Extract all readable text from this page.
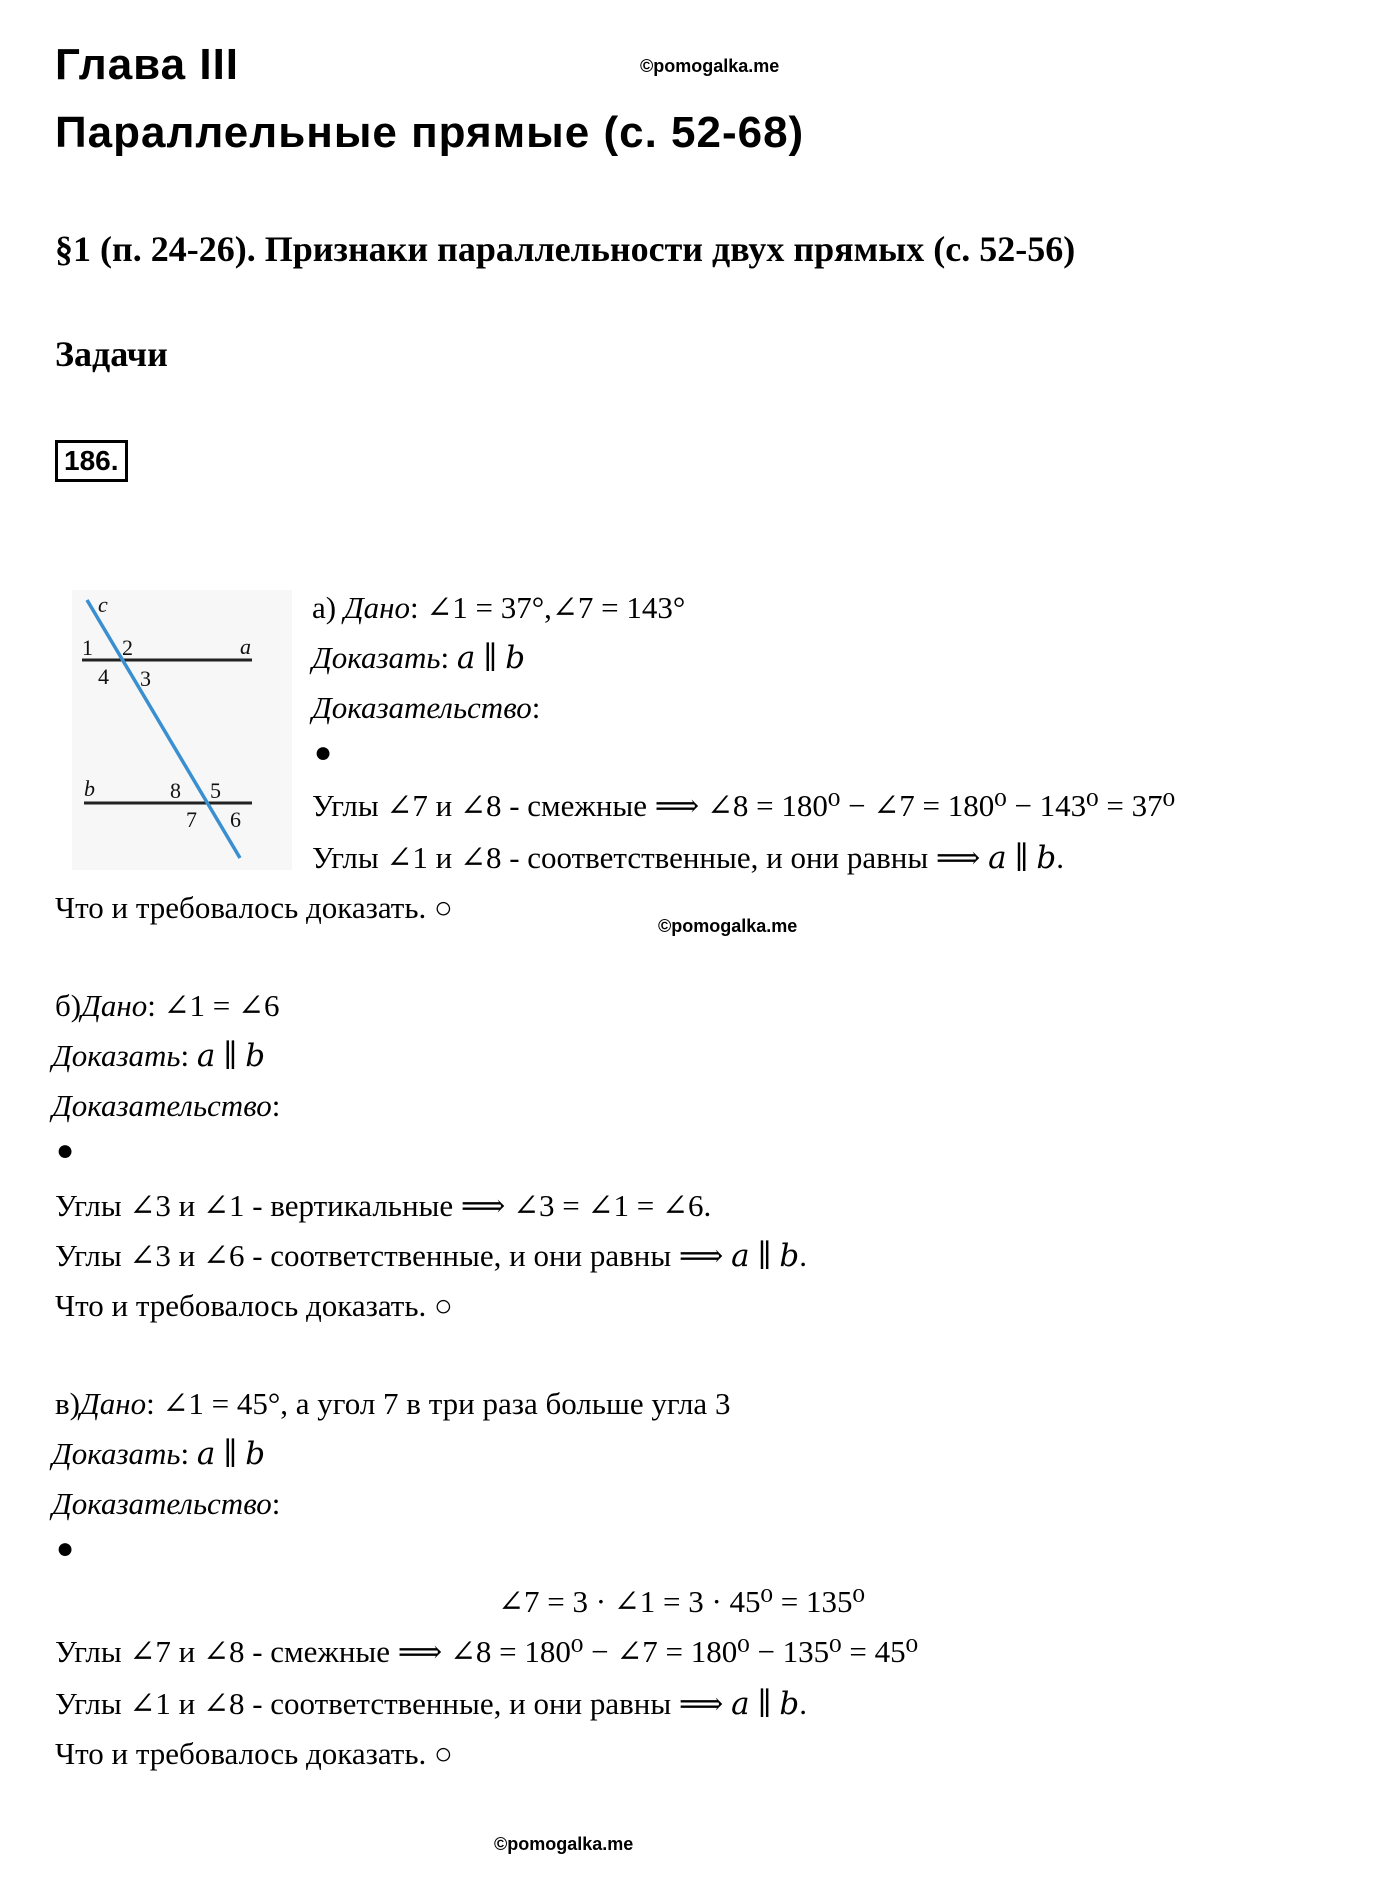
Глава III	©pomogalka.me
Параллельные прямые (с. 52-68)
§1 (п. 24-26). Признаки параллельности двух прямых (с. 52-56)
Задачи
186.
c
1 2	a
4 3
b	8 5
7 6
а) Дано: ∠1 = 37°,∠7 = 143°
Доказать: 𝑎 ∥ 𝑏
Доказательство:
●
Углы ∠7 и ∠8 - смежные ⟹ ∠8 = 180⁰ − ∠7 = 180⁰ − 143⁰ = 37⁰
Углы ∠1 и ∠8 - соответственные, и они равны ⟹ 𝑎 ∥ 𝑏.
Что и требовалось доказать. ○
©pomogalka.me
б)Дано: ∠1 = ∠6
Доказать: 𝑎 ∥ 𝑏
Доказательство:
●
Углы ∠3 и ∠1 - вертикальные ⟹ ∠3 = ∠1 = ∠6.
Углы ∠3 и ∠6 - соответственные, и они равны ⟹ 𝑎 ∥ 𝑏.
Что и требовалось доказать. ○
в)Дано: ∠1 = 45°, а угол 7 в три раза больше угла 3
Доказать: 𝑎 ∥ 𝑏
Доказательство:
●
∠7 = 3 · ∠1 = 3 · 45⁰ = 135⁰
Углы ∠7 и ∠8 - смежные ⟹ ∠8 = 180⁰ − ∠7 = 180⁰ − 135⁰ = 45⁰
Углы ∠1 и ∠8 - соответственные, и они равны ⟹ 𝑎 ∥ 𝑏.
Что и требовалось доказать. ○
©pomogalka.me
